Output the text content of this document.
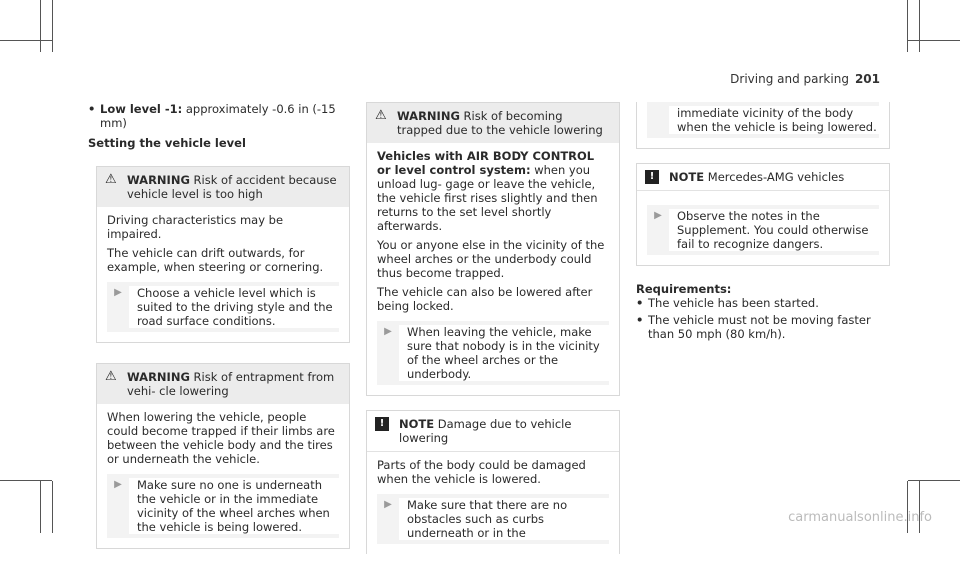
Driving and parking 201
• Low level -1: approximately -0.6 in (-15 mm)
Setting the vehicle level
⚠ WARNING Risk of accident because vehicle level is too high

Driving characteristics may be impaired.

The vehicle can drift outwards, for example, when steering or cornering.

▶	Choose a vehicle level which is suited to the driving style and the road surface conditions.
⚠ WARNING Risk of entrapment from vehi- cle lowering

When lowering the vehicle, people could become trapped if their limbs are between the vehicle body and the tires or underneath the vehicle.

▶	Make sure no one is underneath the vehicle or in the immediate vicinity of the wheel arches when the vehicle is being lowered.
⚠ WARNING Risk of becoming trapped due to the vehicle lowering

Vehicles with AIR BODY CONTROL or level control system: when you unload lug- gage or leave the vehicle, the vehicle first rises slightly and then returns to the set level shortly afterwards.

You or anyone else in the vicinity of the wheel arches or the underbody could thus become trapped.

The vehicle can also be lowered after being locked.

▶	When leaving the vehicle, make sure that nobody is in the vicinity of the wheel arches or the underbody.
!	NOTE Damage due to vehicle lowering

Parts of the body could be damaged when the vehicle is lowered.

▶	Make sure that there are no obstacles such as curbs underneath or in the
immediate vicinity of the body when the vehicle is being lowered.
!	NOTE Mercedes-AMG vehicles
▶	Observe the notes in the Supplement. You could otherwise fail to recognize dangers.
Requirements:
• The vehicle has been started.
• The vehicle must not be moving faster than 50 mph (80 km/h).
carmanualsonline.info
